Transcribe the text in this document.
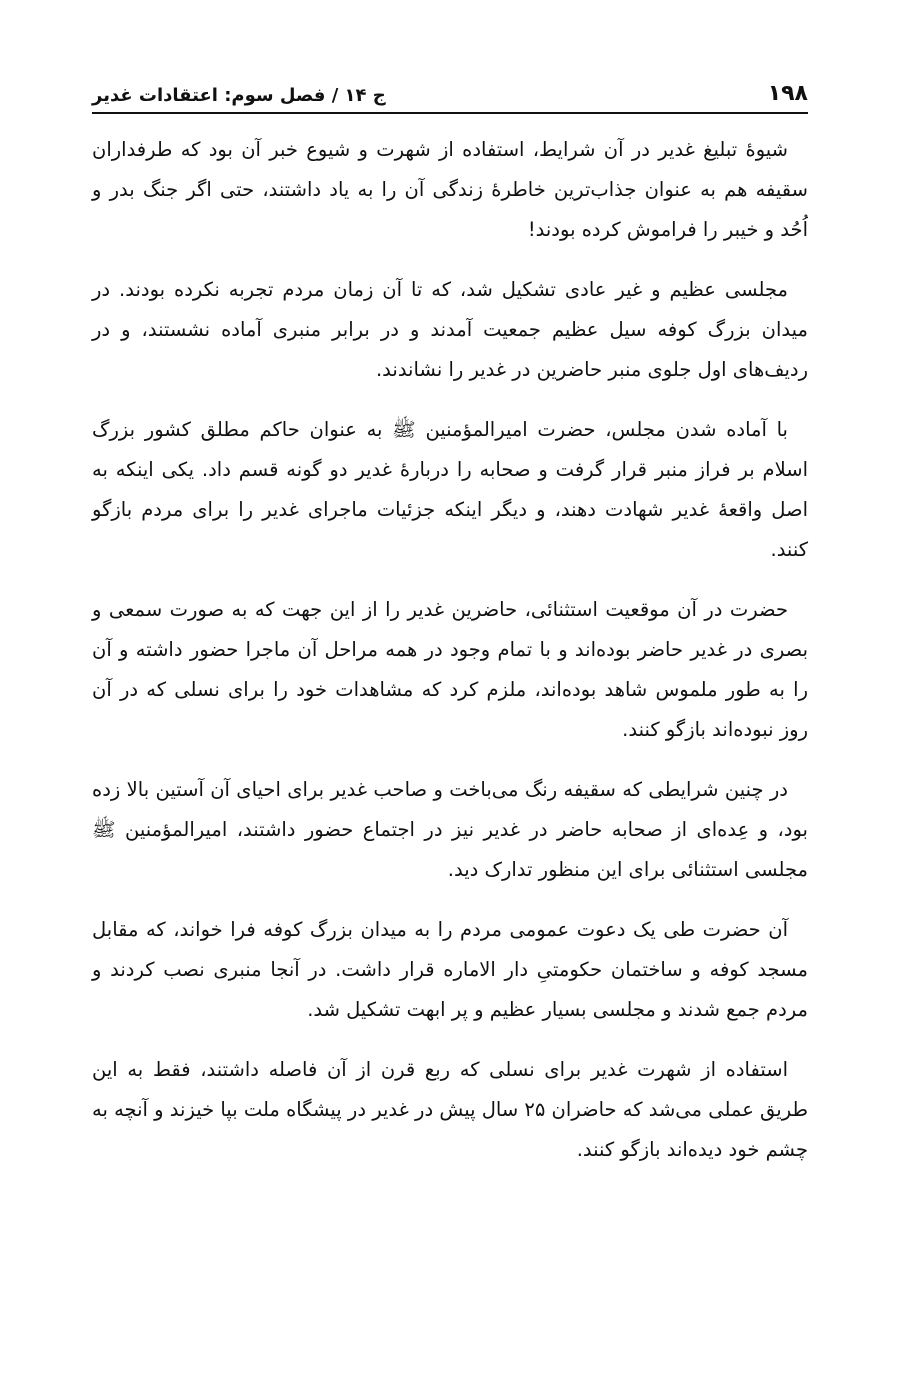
۱۹۸
ج ۱۴ / فصل سوم: اعتقادات غدیر

شیوۀ تبلیغ غدیر در آن شرایط، استفاده از شهرت و شیوع خبر آن بود که طرفداران سقیفه هم به عنوان جذاب‌ترین خاطرۀ زندگی آن را به یاد داشتند، حتی اگر جنگ بدر و اُحُد و خیبر را فراموش کرده بودند!

مجلسی عظیم و غیر عادی تشکیل شد، که تا آن زمان مردم تجربه نکرده بودند. در میدان بزرگ کوفه سیل عظیم جمعیت آمدند و در برابر منبری آماده نشستند، و در ردیف‌های اول جلوی منبر حاضرین در غدیر را نشاندند.

با آماده شدن مجلس، حضرت امیرالمؤمنین ﷺ به عنوان حاکم مطلق کشور بزرگ اسلام بر فراز منبر قرار گرفت و صحابه را دربارۀ غدیر دو گونه قسم داد. یکی اینکه به اصل واقعۀ غدیر شهادت دهند، و دیگر اینکه جزئیات ماجرای غدیر را برای مردم بازگو کنند.

حضرت در آن موقعیت استثنائی، حاضرین غدیر را از این جهت که به صورت سمعی و بصری در غدیر حاضر بوده‌اند و با تمام وجود در همه مراحل آن ماجرا حضور داشته و آن را به طور ملموس شاهد بوده‌اند، ملزم کرد که مشاهدات خود را برای نسلی که در آن روز نبوده‌اند بازگو کنند.

در چنین شرایطی که سقیفه رنگ می‌باخت و صاحب غدیر برای احیای آن آستین بالا زده بود، و عِده‌ای از صحابه حاضر در غدیر نیز در اجتماع حضور داشتند، امیرالمؤمنین ﷺ مجلسی استثنائی برای این منظور تدارک دید.

آن حضرت طی یک دعوت عمومی مردم را به میدان بزرگ کوفه فرا خواند، که مقابل مسجد کوفه و ساختمان حکومتیِ دار الاماره قرار داشت. در آنجا منبری نصب کردند و مردم جمع شدند و مجلسی بسیار عظیم و پر ابهت تشکیل شد.

استفاده از شهرت غدیر برای نسلی که ربع قرن از آن فاصله داشتند، فقط به این طریق عملی می‌شد که حاضران ۲۵ سال پیش در غدیر در پیشگاه ملت بپا خیزند و آنچه به چشم خود دیده‌اند بازگو کنند.
